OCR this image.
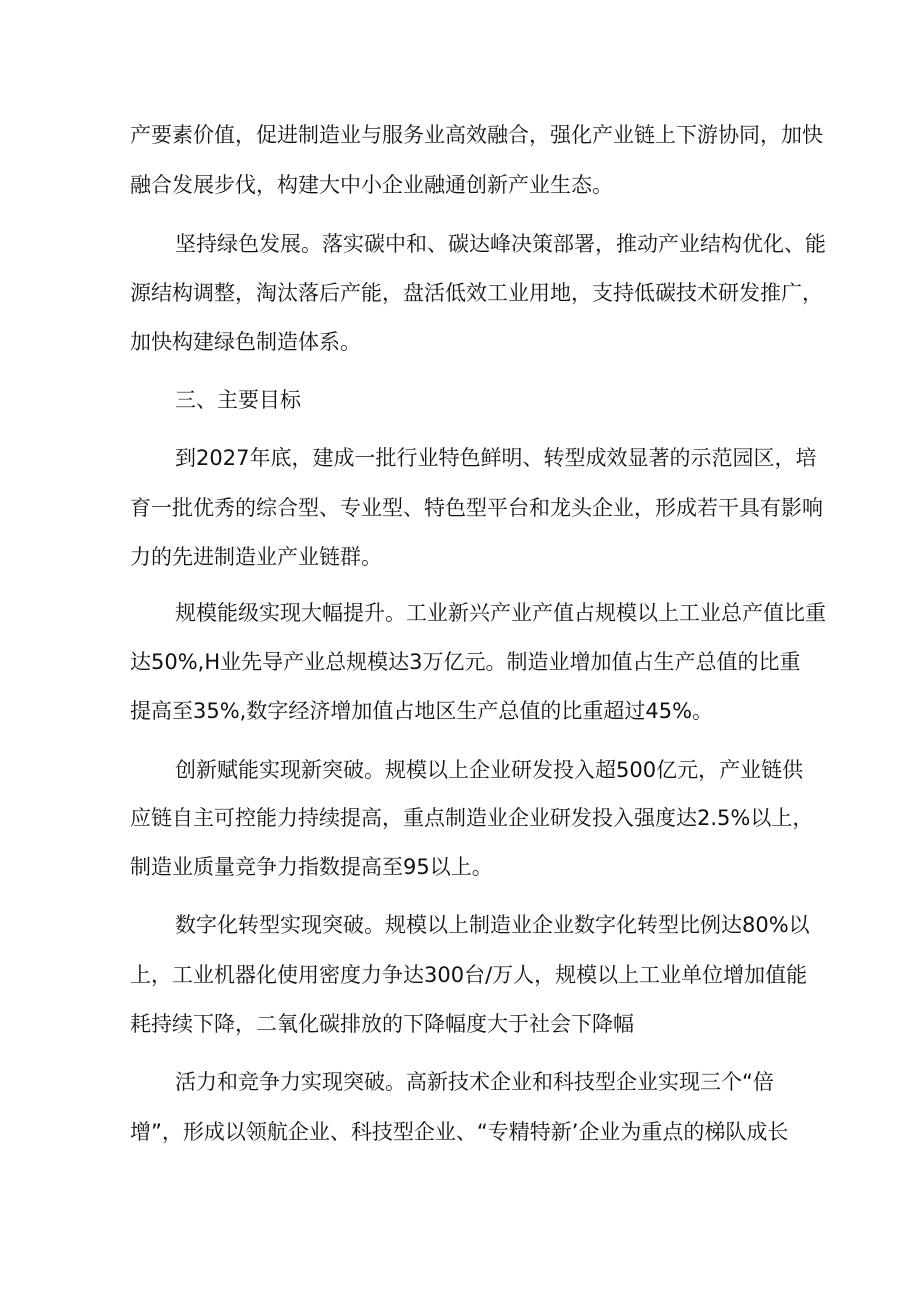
产要素价值，促进制造业与服务业高效融合，强化产业链上下游协同，加快
融合发展步伐，构建大中小企业融通创新产业生态。
坚持绿色发展。落实碳中和、碳达峰决策部署，推动产业结构优化、能
源结构调整，淘汰落后产能，盘活低效工业用地，支持低碳技术研发推广，
加快构建绿色制造体系。
三、主要目标
到2027年底，建成一批行业特色鲜明、转型成效显著的示范园区，培
育一批优秀的综合型、专业型、特色型平台和龙头企业，形成若干具有影响
力的先进制造业产业链群。
规模能级实现大幅提升。工业新兴产业产值占规模以上工业总产值比重
达50%,H业先导产业总规模达3万亿元。制造业增加值占生产总值的比重
提高至35%,数字经济增加值占地区生产总值的比重超过45%。
创新赋能实现新突破。规模以上企业研发投入超500亿元，产业链供
应链自主可控能力持续提高，重点制造业企业研发投入强度达2.5%以上，
制造业质量竞争力指数提高至95以上。
数字化转型实现突破。规模以上制造业企业数字化转型比例达80%以
上，工业机器化使用密度力争达300台/万人，规模以上工业单位增加值能
耗持续下降，二氧化碳排放的下降幅度大于社会下降幅
活力和竞争力实现突破。高新技术企业和科技型企业实现三个“倍
增”，形成以领航企业、科技型企业、“专精特新’企业为重点的梯队成长
